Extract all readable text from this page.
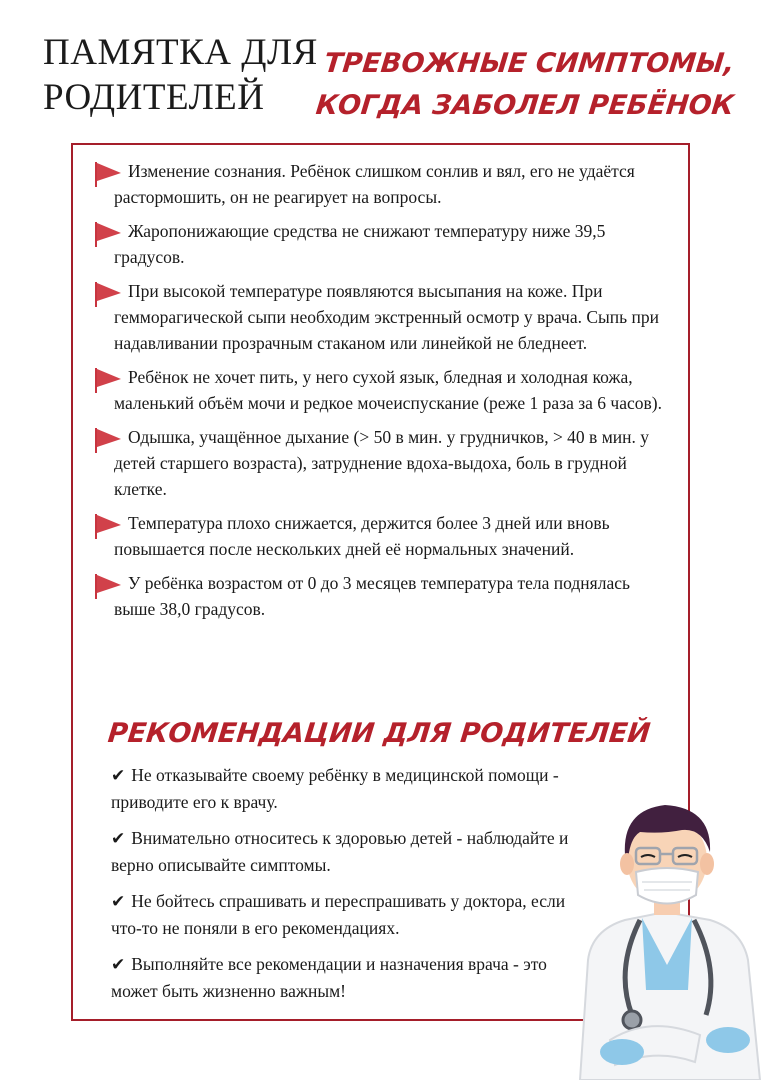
ПАМЯТКА ДЛЯ РОДИТЕЛЕЙ
ТРЕВОЖНЫЕ СИМПТОМЫ, КОГДА ЗАБОЛЕЛ РЕБЁНОК
Изменение сознания. Ребёнок слишком сонлив и вял, его не удаётся растормошить, он не реагирует на вопросы.
Жаропонижающие средства не снижают температуру ниже 39,5 градусов.
При высокой температуре появляются высыпания на коже. При гемморагической сыпи необходим экстренный осмотр у врача. Сыпь при надавливании прозрачным стаканом или линейкой не бледнеет.
Ребёнок не хочет пить, у него сухой язык, бледная и холодная кожа, маленький объём мочи и редкое мочеиспускание (реже 1 раза за 6 часов).
Одышка, учащённое дыхание (> 50 в мин. у грудничков, > 40 в мин. у детей старшего возраста), затруднение вдоха-выдоха, боль в грудной клетке.
Температура плохо снижается, держится более 3 дней или вновь повышается после нескольких дней её нормальных значений.
У ребёнка возрастом от 0 до 3 месяцев температура тела поднялась выше 38,0 градусов.
РЕКОМЕНДАЦИИ ДЛЯ РОДИТЕЛЕЙ
✔ Не отказывайте своему ребёнку в медицинской помощи - приводите его к врачу.
✔ Внимательно относитесь к здоровью детей - наблюдайте и верно описывайте симптомы.
✔ Не бойтесь спрашивать и переспрашивать у доктора, если что-то не поняли в его рекомендациях.
✔ Выполняйте все рекомендации и назначения врача - это может быть жизненно важным!
